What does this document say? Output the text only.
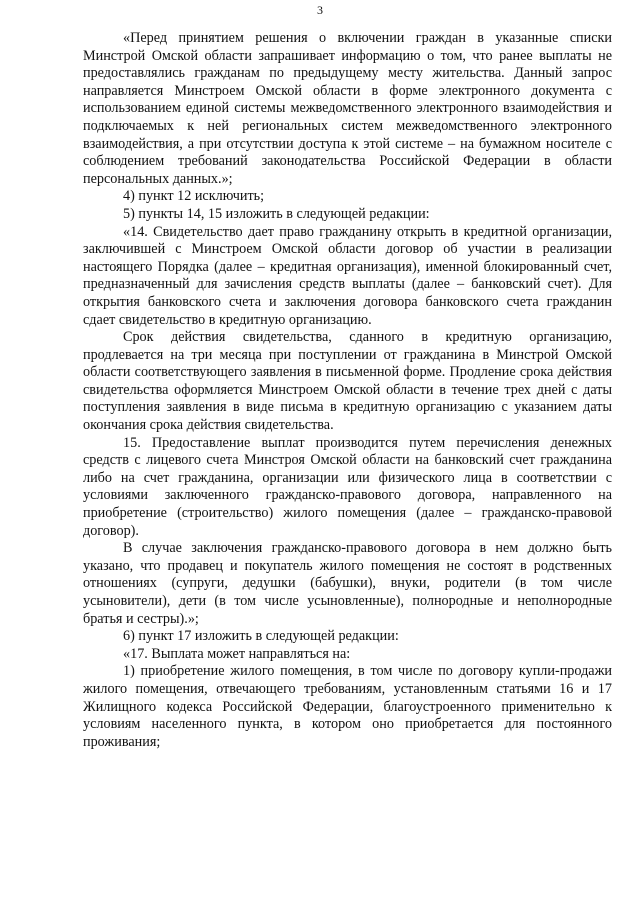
3

«Перед принятием решения о включении граждан в указанные списки Минстрой Омской области запрашивает информацию о том, что ранее выплаты не предоставлялись гражданам по предыдущему месту жительства. Данный запрос направляется Минстроем Омской области в форме электронного документа с использованием единой системы межведомственного электронного взаимодействия и подключаемых к ней региональных систем межведомственного электронного взаимодействия, а при отсутствии доступа к этой системе – на бумажном носителе с соблюдением требований законодательства Российской Федерации в области персональных данных.»;

4) пункт 12 исключить;

5) пункты 14, 15 изложить в следующей редакции:

«14. Свидетельство дает право гражданину открыть в кредитной организации, заключившей с Минстроем Омской области договор об участии в реализации настоящего Порядка (далее – кредитная организация), именной блокированный счет, предназначенный для зачисления средств выплаты (далее – банковский счет). Для открытия банковского счета и заключения договора банковского счета гражданин сдает свидетельство в кредитную организацию.

Срок действия свидетельства, сданного в кредитную организацию, продлевается на три месяца при поступлении от гражданина в Минстрой Омской области соответствующего заявления в письменной форме. Продление срока действия свидетельства оформляется Минстроем Омской области в течение трех дней с даты поступления заявления в виде письма в кредитную организацию с указанием даты окончания срока действия свидетельства.

15. Предоставление выплат производится путем перечисления денежных средств с лицевого счета Минстроя Омской области на банковский счет гражданина либо на счет гражданина, организации или физического лица в соответствии с условиями заключенного гражданско-правового договора, направленного на приобретение (строительство) жилого помещения (далее – гражданско-правовой договор).

В случае заключения гражданско-правового договора в нем должно быть указано, что продавец и покупатель жилого помещения не состоят в родственных отношениях (супруги, дедушки (бабушки), внуки, родители (в том числе усыновители), дети (в том числе усыновленные), полнородные и неполнородные братья и сестры).»;

6) пункт 17 изложить в следующей редакции:

«17. Выплата может направляться на:

1) приобретение жилого помещения, в том числе по договору купли-продажи жилого помещения, отвечающего требованиям, установленным статьями 16 и 17 Жилищного кодекса Российской Федерации, благоустроенного применительно к условиям населенного пункта, в котором оно приобретается для постоянного проживания;
